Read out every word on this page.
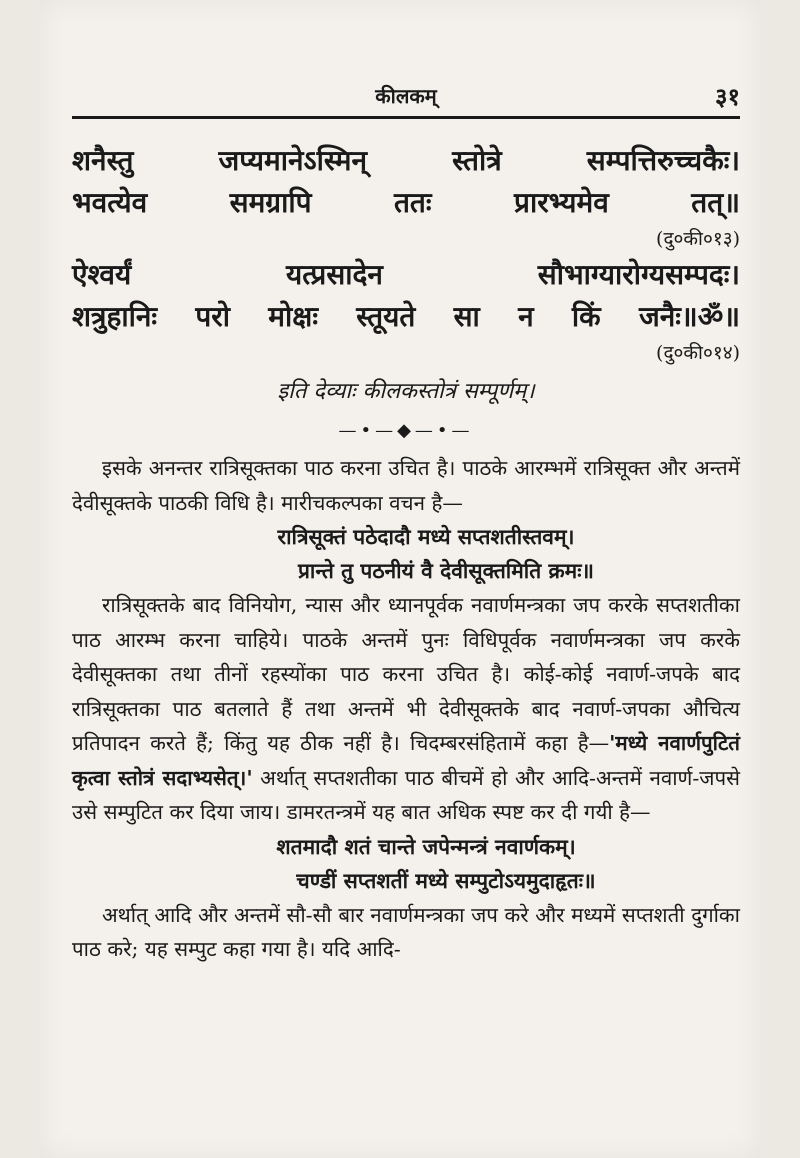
कीलकम्	३१
शनैस्तु जप्यमानेऽस्मिन् स्तोत्रे सम्पत्तिरुच्चकैः।
भवत्येव समग्रापि ततः प्रारभ्यमेव तत्॥
(दु०की०१३)
ऐश्वर्यं यत्प्रसादेन सौभाग्यारोग्यसम्पदः।
शत्रुहानिः परो मोक्षः स्तूयते सा न किं जनैः॥ॐ॥
(दु०की०१४)
इति देव्याः कीलकस्तोत्रं सम्पूर्णम्।
—•—◆—•—

इसके अनन्तर रात्रिसूक्तका पाठ करना उचित है। पाठके आरम्भमें रात्रिसूक्त और अन्तमें देवीसूक्तके पाठकी विधि है। मारीचकल्पका वचन है—

रात्रिसूक्तं पठेदादौ मध्ये सप्तशतीस्तवम्।
प्रान्ते तु पठनीयं वै देवीसूक्तमिति क्रमः॥

रात्रिसूक्तके बाद विनियोग, न्यास और ध्यानपूर्वक नवार्णमन्त्रका जप करके सप्तशतीका पाठ आरम्भ करना चाहिये। पाठके अन्तमें पुनः विधिपूर्वक नवार्णमन्त्रका जप करके देवीसूक्तका तथा तीनों रहस्योंका पाठ करना उचित है। कोई-कोई नवार्ण-जपके बाद रात्रिसूक्तका पाठ बतलाते हैं तथा अन्तमें भी देवीसूक्तके बाद नवार्ण-जपका औचित्य प्रतिपादन करते हैं; किंतु यह ठीक नहीं है। चिदम्बरसंहितामें कहा है—'मध्ये नवार्णपुटितं कृत्वा स्तोत्रं सदाभ्यसेत्।' अर्थात् सप्तशतीका पाठ बीचमें हो और आदि-अन्तमें नवार्ण-जपसे उसे सम्पुटित कर दिया जाय। डामरतन्त्रमें यह बात अधिक स्पष्ट कर दी गयी है—

शतमादौ शतं चान्ते जपेन्मन्त्रं नवार्णकम्।
चण्डीं सप्तशतीं मध्ये सम्पुटोऽयमुदाहृतः॥

अर्थात् आदि और अन्तमें सौ-सौ बार नवार्णमन्त्रका जप करे और मध्यमें सप्तशती दुर्गाका पाठ करे; यह सम्पुट कहा गया है। यदि आदि-
